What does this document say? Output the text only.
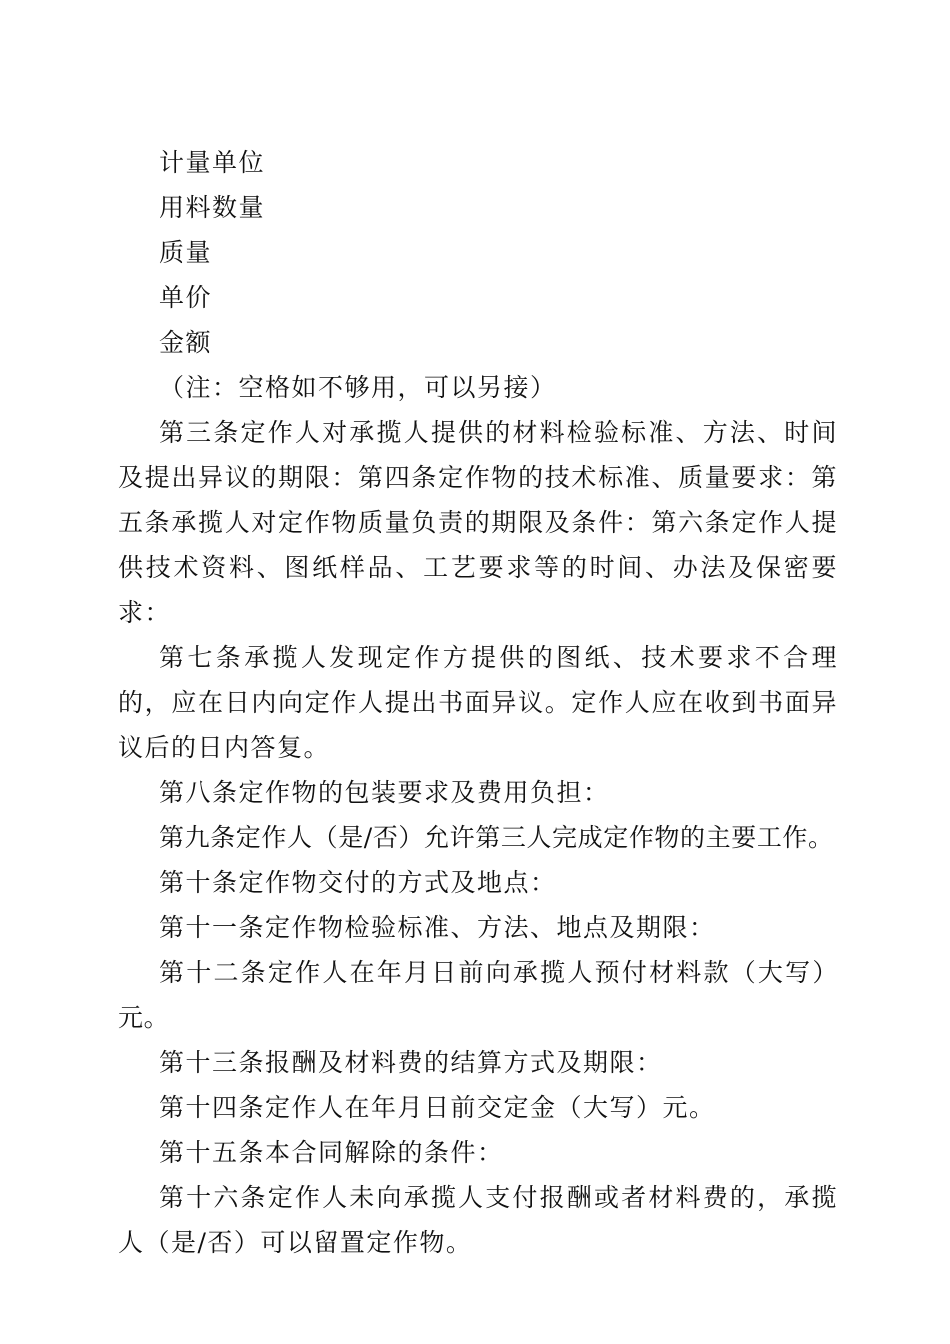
计量单位
用料数量
质量
单价
金额
（注：空格如不够用，可以另接）
第三条定作人对承揽人提供的材料检验标准、方法、时间及提出异议的期限：第四条定作物的技术标准、质量要求：第五条承揽人对定作物质量负责的期限及条件：第六条定作人提供技术资料、图纸样品、工艺要求等的时间、办法及保密要求：
第七条承揽人发现定作方提供的图纸、技术要求不合理的，应在日内向定作人提出书面异议。定作人应在收到书面异议后的日内答复。
第八条定作物的包装要求及费用负担：
第九条定作人（是/否）允许第三人完成定作物的主要工作。
第十条定作物交付的方式及地点：
第十一条定作物检验标准、方法、地点及期限：
第十二条定作人在年月日前向承揽人预付材料款（大写）元。
第十三条报酬及材料费的结算方式及期限：
第十四条定作人在年月日前交定金（大写）元。
第十五条本合同解除的条件：
第十六条定作人未向承揽人支付报酬或者材料费的，承揽人（是/否）可以留置定作物。
